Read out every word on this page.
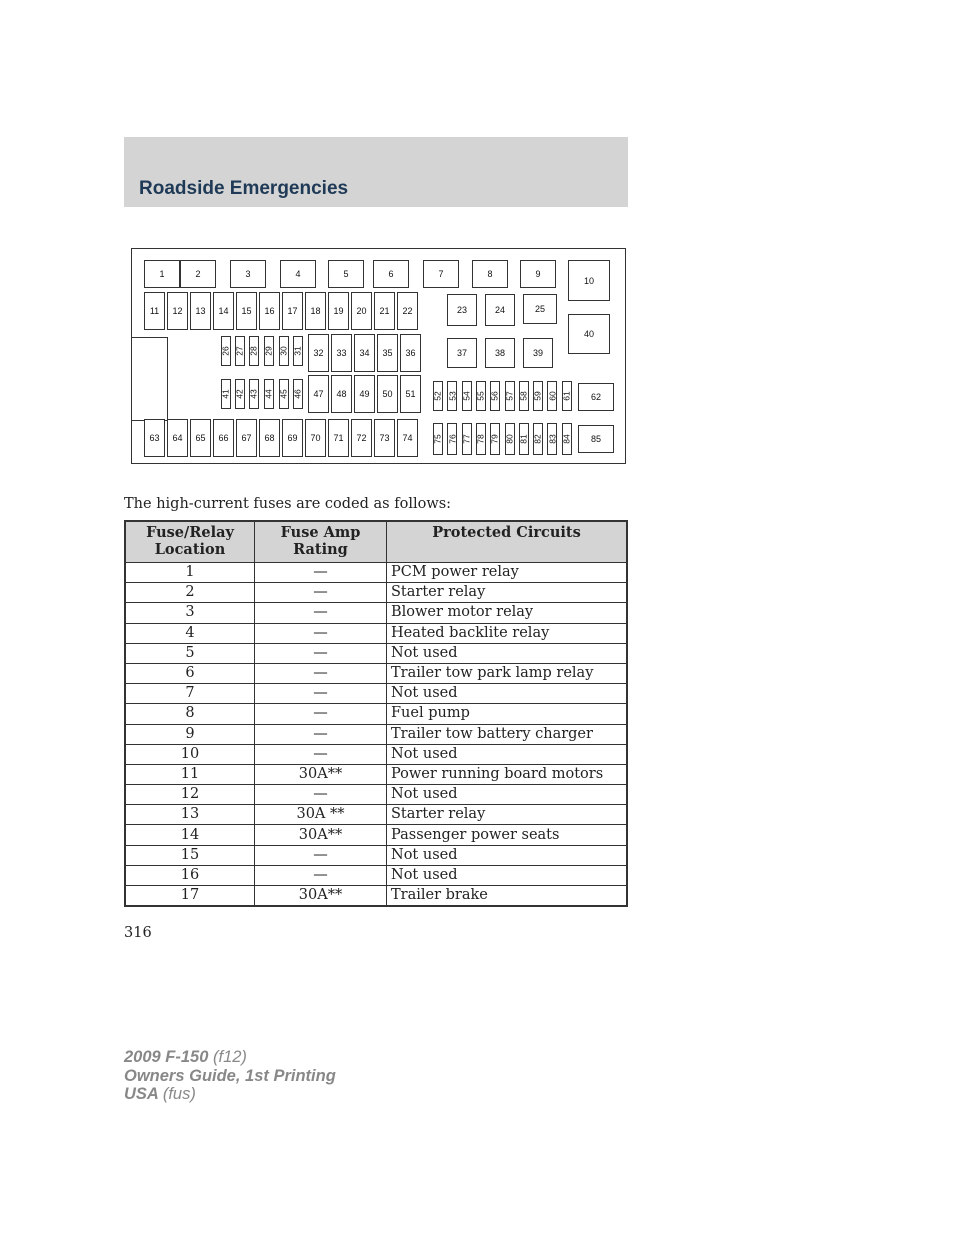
Roadside Emergencies
1	2	3	4	5	6	7	8	9
10
11 12 13 14 15 16 17 18 19 20 21 22	23	24	25
40
26 27 28 29 30 31 32 33 34 35 36	37	38	39
41 42 43 44 45 46 47 48 49 50 51 52 53 54 55 56 57 58 59 60 61 62
63 64 65 66 67 68 69 70 71 72 73 74 75 76 77 78 79 80 81 82 83 84 85
The high-current fuses are coded as follows:
Fuse/Relay Location	Fuse Amp Rating	Protected Circuits
1	—	PCM power relay
2	—	Starter relay
3	—	Blower motor relay
4	—	Heated backlite relay
5	—	Not used
6	—	Trailer tow park lamp relay
7	—	Not used
8	—	Fuel pump
9	—	Trailer tow battery charger
10	—	Not used
11	30A**	Power running board motors
12	—	Not used
13	30A **	Starter relay
14	30A**	Passenger power seats
15	—	Not used
16	—	Not used
17	30A**	Trailer brake
316
2009 F-150 (f12)
Owners Guide, 1st Printing
USA (fus)
